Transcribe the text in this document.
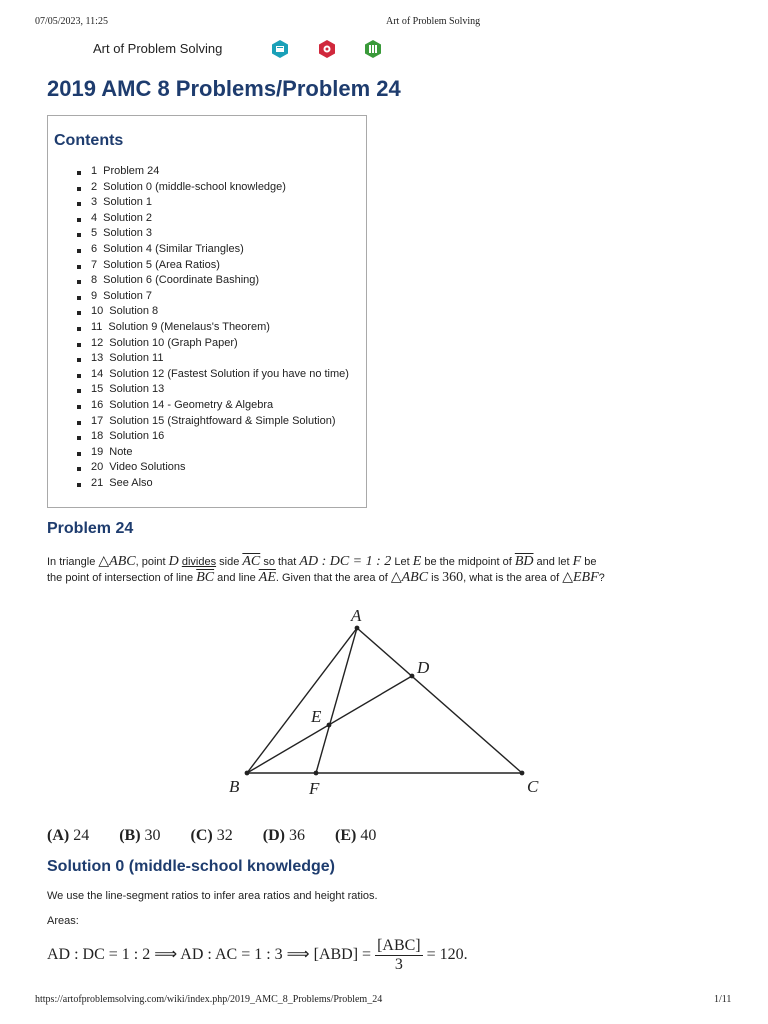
07/05/2023, 11:25	Art of Problem Solving
Art of Problem Solving
2019 AMC 8 Problems/Problem 24
Contents
1 Problem 24
2 Solution 0 (middle-school knowledge)
3 Solution 1
4 Solution 2
5 Solution 3
6 Solution 4 (Similar Triangles)
7 Solution 5 (Area Ratios)
8 Solution 6 (Coordinate Bashing)
9 Solution 7
10 Solution 8
11 Solution 9 (Menelaus's Theorem)
12 Solution 10 (Graph Paper)
13 Solution 11
14 Solution 12 (Fastest Solution if you have no time)
15 Solution 13
16 Solution 14 - Geometry & Algebra
17 Solution 15 (Straightfoward & Simple Solution)
18 Solution 16
19 Note
20 Video Solutions
21 See Also
Problem 24
In triangle △ABC, point D divides side $\overline{AC}$ so that AD : DC = 1 : 2 Let E be the midpoint of $\overline{BD}$ and let F be
the point of intersection of line $\overline{BC}$ and line $\overline{AE}$. Given that the area of △ABC is 360, what is the area of △EBF?
A
B	C
D
E
F
(A) 24 (B) 30 (C) 32 (D) 36 (E) 40
Solution 0 (middle-school knowledge)
We use the line-segment ratios to infer area ratios and height ratios.
Areas:
AD : DC = 1 : 2 ⟹ AD : AC = 1 : 3 ⟹ $[ABD] = \frac{\text{[ABC]}}{3} = 120$.
https://artofproblemsolving.com/wiki/index.php/2019_AMC_8_Problems/Problem_24	1/11
